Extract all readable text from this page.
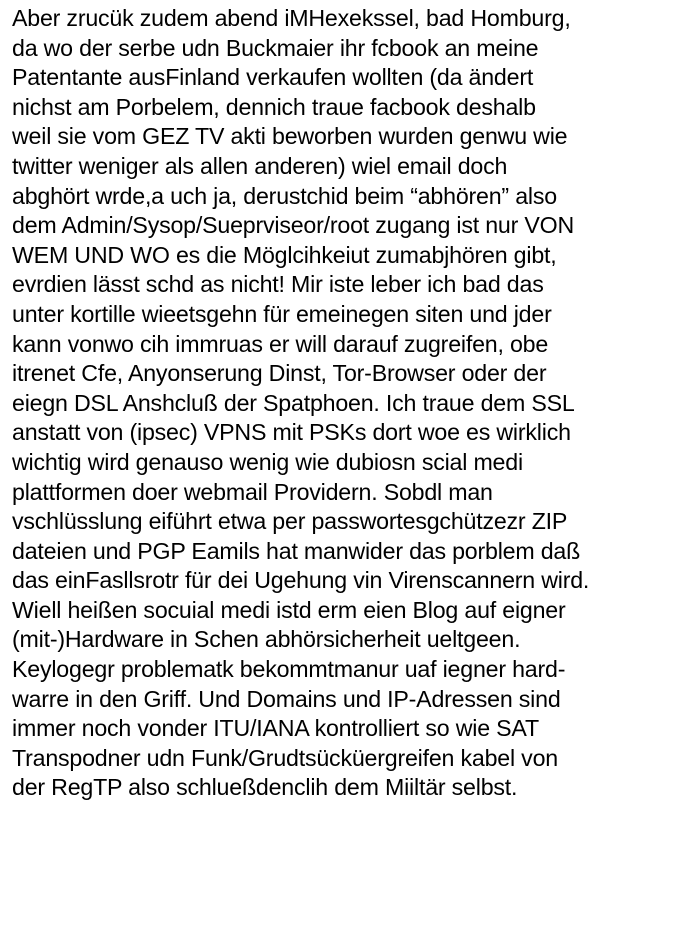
Aber zrucük zudem abend iMHexekssel, bad Homburg,
da wo der serbe udn Buckmaier ihr fcbook an meine
Patentante ausFinland verkaufen wollten (da ändert
nichst am Porbelem, dennich traue facbook deshalb
weil sie vom GEZ TV akti beworben wurden genwu wie
twitter weniger als allen anderen) wiel email doch
abghört wrde,a uch ja, derustchid beim “abhören” also
dem Admin/Sysop/Sueprviseor/root zugang ist nur VON
WEM UND WO es die Möglcihkeiut zumabjhören gibt,
evrdien lässt schd as nicht! Mir iste leber ich bad das
unter kortille wieetsgehn für emeinegen siten und jder
kann vonwo cih immruas er will darauf zugreifen, obe
itrenet Cfe, Anyonserung Dinst, Tor-Browser oder der
eiegn DSL Anshcluß der Spatphoen. Ich traue dem SSL
anstatt von (ipsec) VPNS mit PSKs dort woe es wirklich
wichtig wird genauso wenig wie dubiosn scial medi
plattformen doer webmail Providern. Sobdl man
vschlüsslung eiführt etwa per passwortesgchützezr ZIP
dateien und PGP Eamils hat manwider das porblem daß
das einFasllsrotr für dei Ugehung vin Virenscannern wird.
Wiell heißen socuial medi istd erm eien Blog auf eigner
(mit-)Hardware in Schen abhörsicherheit ueltgeen.
Keylogegr problematk bekommtmanur uaf iegner hard-
warre in den Griff. Und Domains und IP-Adressen sind
immer noch vonder ITU/IANA kontrolliert so wie SAT
Transpodner udn Funk/Grudtsücküergreifen kabel von
der RegTP also schlueßdenclih dem Miiltär selbst.
